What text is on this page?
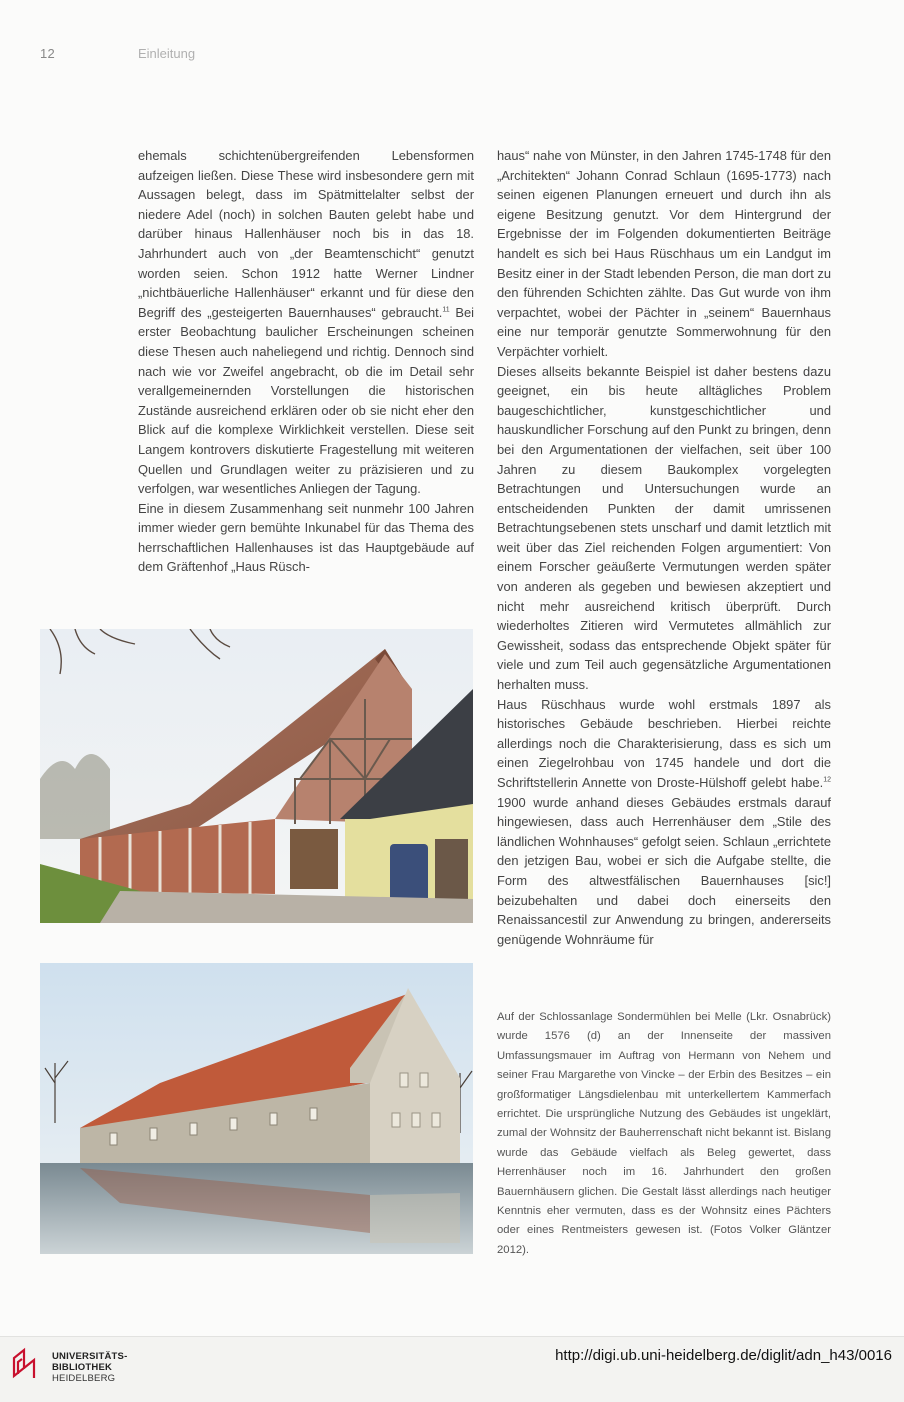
12	Einleitung

ehemals schichtenübergreifenden Lebensformen aufzeigen ließen. Diese These wird insbesondere gern mit Aussagen belegt, dass im Spätmittelalter selbst der niedere Adel (noch) in solchen Bauten gelebt habe und darüber hinaus Hallenhäuser noch bis in das 18. Jahrhundert auch von „der Beamtenschicht“ genutzt worden seien. Schon 1912 hatte Werner Lindner „nichtbäuerliche Hallenhäuser“ erkannt und für diese den Begriff des „gesteigerten Bauernhauses“ gebraucht.$^{11}$ Bei erster Beobachtung baulicher Erscheinungen scheinen diese Thesen auch naheliegend und richtig. Dennoch sind nach wie vor Zweifel angebracht, ob die im Detail sehr verallgemeinernden Vorstellungen die historischen Zustände ausreichend erklären oder ob sie nicht eher den Blick auf die komplexe Wirklichkeit verstellen. Diese seit Langem kontrovers diskutierte Fragestellung mit weiteren Quellen und Grundlagen weiter zu präzisieren und zu verfolgen, war wesentliches Anliegen der Tagung.

Eine in diesem Zusammenhang seit nunmehr 100 Jahren immer wieder gern bemühte Inkunabel für das Thema des herrschaftlichen Hallenhauses ist das Hauptgebäude auf dem Gräftenhof „Haus Rüsch-

haus“ nahe von Münster, in den Jahren 1745-1748 für den „Architekten“ Johann Conrad Schlaun (1695-1773) nach seinen eigenen Planungen erneuert und durch ihn als eigene Besitzung genutzt. Vor dem Hintergrund der Ergebnisse der im Folgenden dokumentierten Beiträge handelt es sich bei Haus Rüschhaus um ein Landgut im Besitz einer in der Stadt lebenden Person, die man dort zu den führenden Schichten zählte. Das Gut wurde von ihm verpachtet, wobei der Pächter in „seinem“ Bauernhaus eine nur temporär genutzte Sommerwohnung für den Verpächter vorhielt.

Dieses allseits bekannte Beispiel ist daher bestens dazu geeignet, ein bis heute alltägliches Problem baugeschichtlicher, kunstgeschichtlicher und hauskundlicher Forschung auf den Punkt zu bringen, denn bei den Argumentationen der vielfachen, seit über 100 Jahren zu diesem Baukomplex vorgelegten Betrachtungen und Untersuchungen wurde an entscheidenden Punkten der damit umrissenen Betrachtungsebenen stets unscharf und damit letztlich mit weit über das Ziel reichenden Folgen argumentiert: Von einem Forscher geäußerte Vermutungen werden später von anderen als gegeben und bewiesen akzeptiert und nicht mehr ausreichend kritisch überprüft. Durch wiederholtes Zitieren wird Vermutetes allmählich zur Gewissheit, sodass das entsprechende Objekt später für viele und zum Teil auch gegensätzliche Argumentationen herhalten muss.

Haus Rüschhaus wurde wohl erstmals 1897 als historisches Gebäude beschrieben. Hierbei reichte allerdings noch die Charakterisierung, dass es sich um einen Ziegelrohbau von 1745 handele und dort die Schriftstellerin Annette von Droste-Hülshoff gelebt habe.$^{12}$ 1900 wurde anhand dieses Gebäudes erstmals darauf hingewiesen, dass auch Herrenhäuser dem „Stile des ländlichen Wohnhauses“ gefolgt seien. Schlaun „errichtete den jetzigen Bau, wobei er sich die Aufgabe stellte, die Form des altwestfälischen Bauernhauses [sic!] beizubehalten und dabei doch einerseits den Renaissancestil zur Anwendung zu bringen, andererseits genügende Wohnräume für

Auf der Schlossanlage Sondermühlen bei Melle (Lkr. Osnabrück) wurde 1576 (d) an der Innenseite der massiven Umfassungsmauer im Auftrag von Hermann von Nehem und seiner Frau Margarethe von Vincke – der Erbin des Besitzes – ein großformatiger Längsdielenbau mit unterkellertem Kammerfach errichtet. Die ursprüngliche Nutzung des Gebäudes ist ungeklärt, zumal der Wohnsitz der Bauherrenschaft nicht bekannt ist. Bislang wurde das Gebäude vielfach als Beleg gewertet, dass Herrenhäuser noch im 16. Jahrhundert den großen Bauernhäusern glichen. Die Gestalt lässt allerdings nach heutiger Kenntnis eher vermuten, dass es der Wohnsitz eines Pächters oder eines Rentmeisters gewesen ist. (Fotos Volker Gläntzer 2012).
UNIVERSITÄTS-
BIBLIOTHEK
HEIDELBERG
http://digi.ub.uni-heidelberg.de/diglit/adn_h43/0016
